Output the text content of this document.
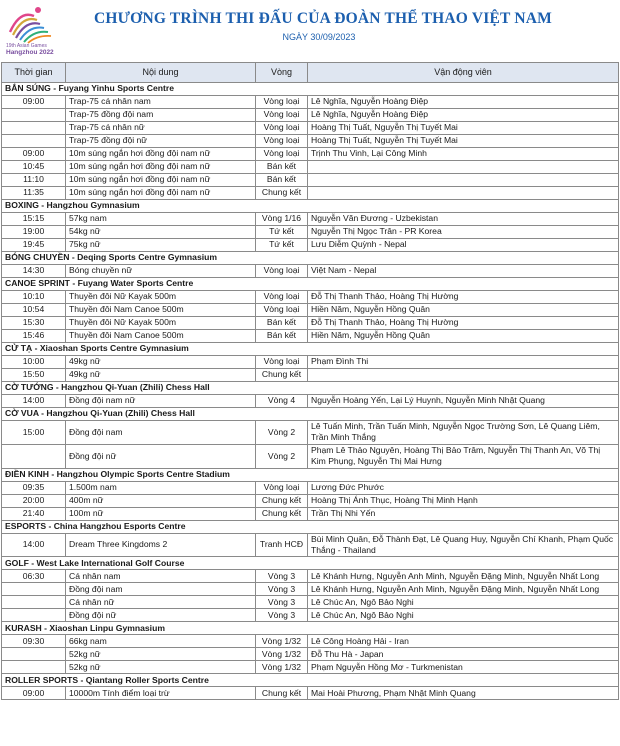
19th Asian Games
Hangzhou 2022
CHƯƠNG TRÌNH THI ĐẤU CỦA ĐOÀN THỂ THAO VIỆT NAM
NGÀY 30/09/2023
Thời gian	Nội dung	Vòng	Vận động viên
BẮN SÚNG - Fuyang Yinhu Sports Centre			
09:00	Trap-75 cá nhân nam	Vòng loại	Lê Nghĩa, Nguyễn Hoàng Điệp
	Trap-75 đồng đội nam	Vòng loại	Lê Nghĩa, Nguyễn Hoàng Điệp
	Trap-75 cá nhân nữ	Vòng loại	Hoàng Thị Tuất, Nguyễn Thị Tuyết Mai
	Trap-75 đồng đội nữ	Vòng loại	Hoàng Thị Tuất, Nguyễn Thị Tuyết Mai
09:00	10m súng ngắn hơi đồng đội nam nữ	Vòng loại	Trịnh Thu Vinh, Lại Công Minh
10:45	10m súng ngắn hơi đồng đội nam nữ	Bán kết	
11:10	10m súng ngắn hơi đồng đội nam nữ	Bán kết	
11:35	10m súng ngắn hơi đồng đội nam nữ	Chung kết	
BOXING - Hangzhou Gymnasium			
15:15	57kg nam	Vòng 1/16	Nguyễn Văn Đương - Uzbekistan
19:00	54kg nữ	Tứ kết	Nguyễn Thị Ngọc Trân - PR Korea
19:45	75kg nữ	Tứ kết	Lưu Diễm Quỳnh - Nepal
BÓNG CHUYỀN - Deqing Sports Centre Gymnasium			
14:30	Bóng chuyền nữ	Vòng loại	Việt Nam - Nepal
CANOE SPRINT - Fuyang Water Sports Centre			
10:10	Thuyền đôi Nữ Kayak 500m	Vòng loại	Đỗ Thị Thanh Thảo, Hoàng Thị Hường
10:54	Thuyền đôi Nam Canoe 500m	Vòng loại	Hiền Năm, Nguyễn Hồng Quân
15:30	Thuyền đôi Nữ Kayak 500m	Bán kết	Đỗ Thị Thanh Thảo, Hoàng Thị Hường
15:46	Thuyền đôi Nam Canoe 500m	Bán kết	Hiền Năm, Nguyễn Hồng Quân
CỬ TẠ - Xiaoshan Sports Centre Gymnasium			
10:00	49kg nữ	Vòng loại	Phạm Đình Thi
15:50	49kg nữ	Chung kết	
CỜ TƯỚNG - Hangzhou Qi-Yuan (Zhili) Chess Hall			
14:00	Đồng đội nam nữ	Vòng 4	Nguyễn Hoàng Yến, Lại Lý Huynh, Nguyễn Minh Nhật Quang
CỜ VUA - Hangzhou Qi-Yuan (Zhili) Chess Hall			
15:00	Đồng đội nam	Vòng 2	Lê Tuấn Minh, Trần Tuấn Minh, Nguyễn Ngọc Trường Sơn, Lê Quang Liêm, Trần Minh Thắng
	Đồng đội nữ	Vòng 2	Phạm Lê Thảo Nguyên, Hoàng Thị Bảo Trâm, Nguyễn Thị Thanh An, Võ Thị Kim Phụng, Nguyễn Thị Mai Hưng
ĐIỀN KINH - Hangzhou Olympic Sports Centre Stadium			
09:35	1.500m nam	Vòng loại	Lương Đức Phước
20:00	400m nữ	Chung kết	Hoàng Thị Ánh Thục, Hoàng Thị Minh Hạnh
21:40	100m nữ	Chung kết	Trần Thị Nhi Yến
ESPORTS - China Hangzhou Esports Centre			
14:00	Dream Three Kingdoms 2	Tranh HCĐ	Bùi Minh Quân, Đỗ Thành Đạt, Lê Quang Huy, Nguyễn Chí Khanh, Phạm Quốc Thắng - Thailand
GOLF - West Lake International Golf Course			
06:30	Cá nhân nam	Vòng 3	Lê Khánh Hưng, Nguyễn Anh Minh, Nguyễn Đặng Minh, Nguyễn Nhất Long
	Đồng đội nam	Vòng 3	Lê Khánh Hưng, Nguyễn Anh Minh, Nguyễn Đặng Minh, Nguyễn Nhất Long
	Cá nhân nữ	Vòng 3	Lê Chúc An, Ngô Bảo Nghi
	Đồng đội nữ	Vòng 3	Lê Chúc An, Ngô Bảo Nghi
KURASH - Xiaoshan Linpu Gymnasium			
09:30	66kg nam	Vòng 1/32	Lê Công Hoàng Hải - Iran
	52kg nữ	Vòng 1/32	Đỗ Thu Hà - Japan
	52kg nữ	Vòng 1/32	Phạm Nguyễn Hồng Mơ - Turkmenistan
ROLLER SPORTS - Qiantang Roller Sports Centre			
09:00	10000m Tính điểm loại trừ	Chung kết	Mai Hoài Phương, Phạm Nhật Minh Quang
